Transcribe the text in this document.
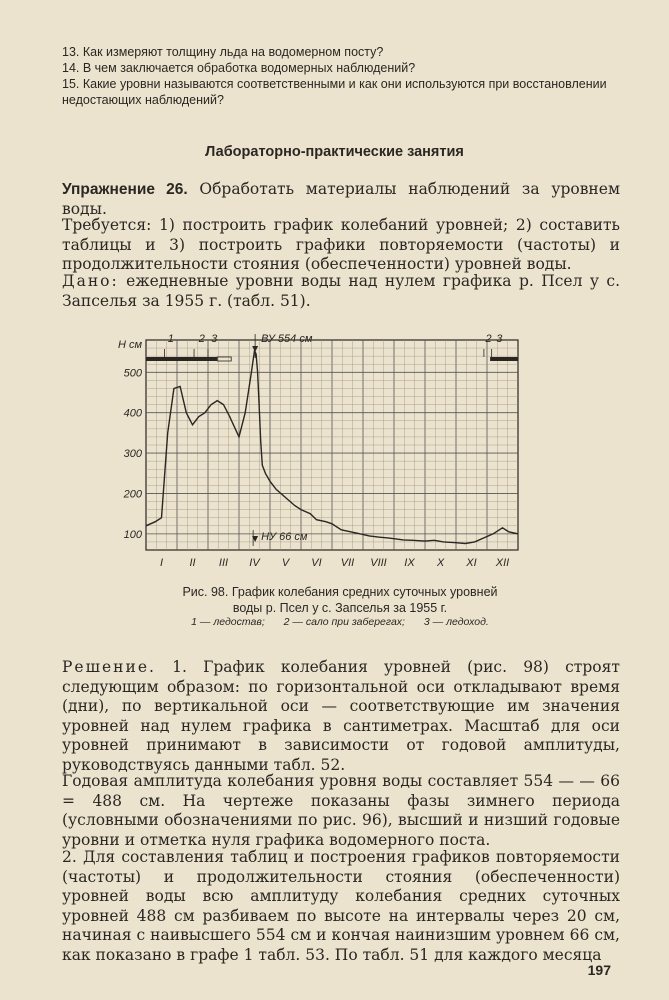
13. Как измеряют толщину льда на водомерном посту?
14. В чем заключается обработка водомерных наблюдений?
15. Какие уровни называются соответственными и как они используются при восстановлении недостающих наблюдений?
Лабораторно-практические занятия
Упражнение 26. Обработать материалы наблюдений за уровнем воды.
Требуется: 1) построить график колебаний уровней; 2) составить таблицы и 3) построить графики повторяемости (частоты) и продолжительности стояния (обеспеченности) уровней воды.
Дано: ежедневные уровни воды над нулем графика р. Псел у с. Запселья за 1955 г. (табл. 51).
100
200
300
400
500
Н см
I II III IV V VI VII VIII IX X XI XII
1 2 3	2 3
ВУ 554 см
НУ 66 см
Рис. 98. График колебания средних суточных уровней
воды р. Псел у с. Запселья за 1955 г.
1 — ледостав; 2 — сало при заберегах; 3 — ледоход.
Решение. 1. График колебания уровней (рис. 98) строят следующим образом: по горизонтальной оси откладывают время (дни), по вертикальной оси — соответствующие им значения уровней над нулем графика в сантиметрах. Масштаб для оси уровней принимают в зависимости от годовой амплитуды, руководствуясь данными табл. 52.
Годовая амплитуда колебания уровня воды составляет 554 — — 66 = 488 см. На чертеже показаны фазы зимнего периода (условными обозначениями по рис. 96), высший и низший годовые уровни и отметка нуля графика водомерного поста.
2. Для составления таблиц и построения графиков повторяемости (частоты) и продолжительности стояния (обеспеченности) уровней воды всю амплитуду колебания средних суточных уровней 488 см разбиваем по высоте на интервалы через 20 см, начиная с наивысшего 554 см и кончая наинизшим уровнем 66 см, как показано в графе 1 табл. 53. По табл. 51 для каждого месяца
197
